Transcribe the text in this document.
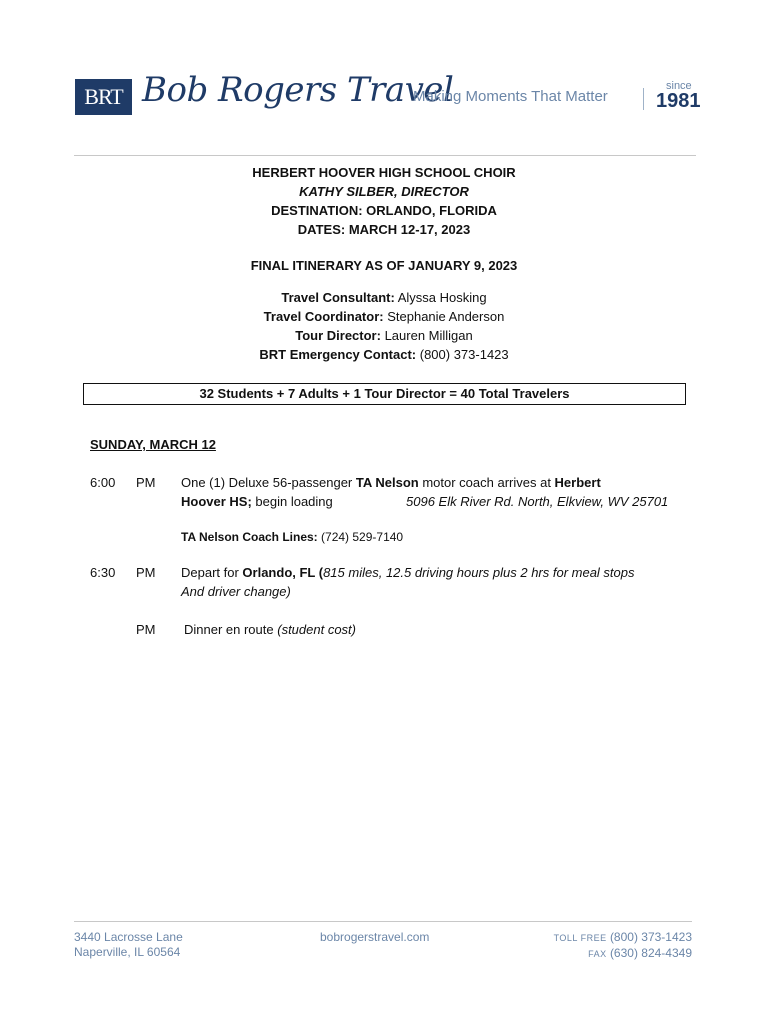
BRT Bob Rogers Travel
Making Moments That Matter
since
1981
HERBERT HOOVER HIGH SCHOOL CHOIR
KATHY SILBER, DIRECTOR
DESTINATION: ORLANDO, FLORIDA
DATES: MARCH 12-17, 2023
FINAL ITINERARY AS OF JANUARY 9, 2023
Travel Consultant: Alyssa Hosking
Travel Coordinator: Stephanie Anderson
Tour Director: Lauren Milligan
BRT Emergency Contact: (800) 373-1423
32 Students + 7 Adults + 1 Tour Director = 40 Total Travelers
SUNDAY, MARCH 12
6:00 PM One (1) Deluxe 56-passenger TA Nelson motor coach arrives at Herbert
Hoover HS; begin loading	5096 Elk River Rd. North, Elkview, WV 25701
TA Nelson Coach Lines: (724) 529-7140
6:30 PM Depart for Orlando, FL (815 miles, 12.5 driving hours plus 2 hrs for meal stops
And driver change)
PM Dinner en route (student cost)
3440 Lacrosse Lane
Naperville, IL 60564
bobrogerstravel.com	TOLL FREE (800) 373-1423
FAX (630) 824-4349
